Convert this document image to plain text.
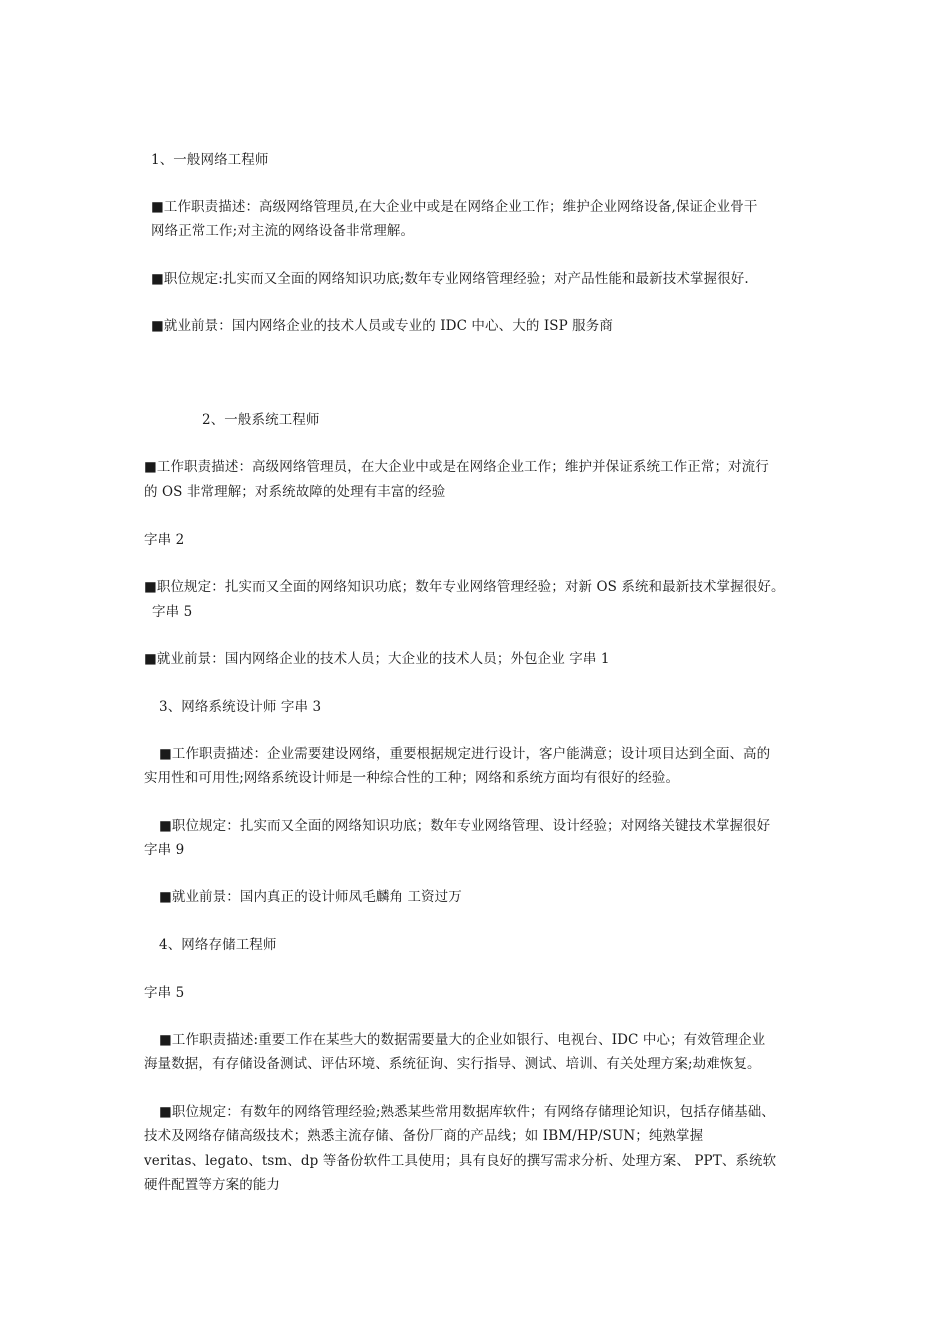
1、一般网络工程师
■工作职责描述：高级网络管理员,在大企业中或是在网络企业工作；维护企业网络设备,保证企业骨干
网络正常工作;对主流的网络设备非常理解。
■职位规定:扎实而又全面的网络知识功底;数年专业网络管理经验；对产品性能和最新技术掌握很好.
■就业前景：国内网络企业的技术人员或专业的 IDC 中心、大的 ISP 服务商
2、一般系统工程师
■工作职责描述：高级网络管理员，在大企业中或是在网络企业工作；维护并保证系统工作正常；对流行
的 OS 非常理解；对系统故障的处理有丰富的经验
字串 2
■职位规定：扎实而又全面的网络知识功底；数年专业网络管理经验；对新 OS 系统和最新技术掌握很好。
字串 5
■就业前景：国内网络企业的技术人员；大企业的技术人员；外包企业 字串 1
3、网络系统设计师 字串 3
■工作职责描述：企业需要建设网络，重要根据规定进行设计，客户能满意；设计项目达到全面、高的
实用性和可用性;网络系统设计师是一种综合性的工种；网络和系统方面均有很好的经验。
■职位规定：扎实而又全面的网络知识功底；数年专业网络管理、设计经验；对网络关键技术掌握很好
字串 9
■就业前景：国内真正的设计师凤毛麟角 工资过万
4、网络存储工程师
字串 5
■工作职责描述:重要工作在某些大的数据需要量大的企业如银行、电视台、IDC 中心；有效管理企业
海量数据，有存储设备测试、评估环境、系统征询、实行指导、测试、培训、有关处理方案;劫难恢复。
■职位规定：有数年的网络管理经验;熟悉某些常用数据库软件；有网络存储理论知识，包括存储基础、
技术及网络存储高级技术；熟悉主流存储、备份厂商的产品线；如 IBM/HP/SUN；纯熟掌握
veritas、legato、tsm、dp 等备份软件工具使用；具有良好的撰写需求分析、处理方案、 PPT、系统软
硬件配置等方案的能力
